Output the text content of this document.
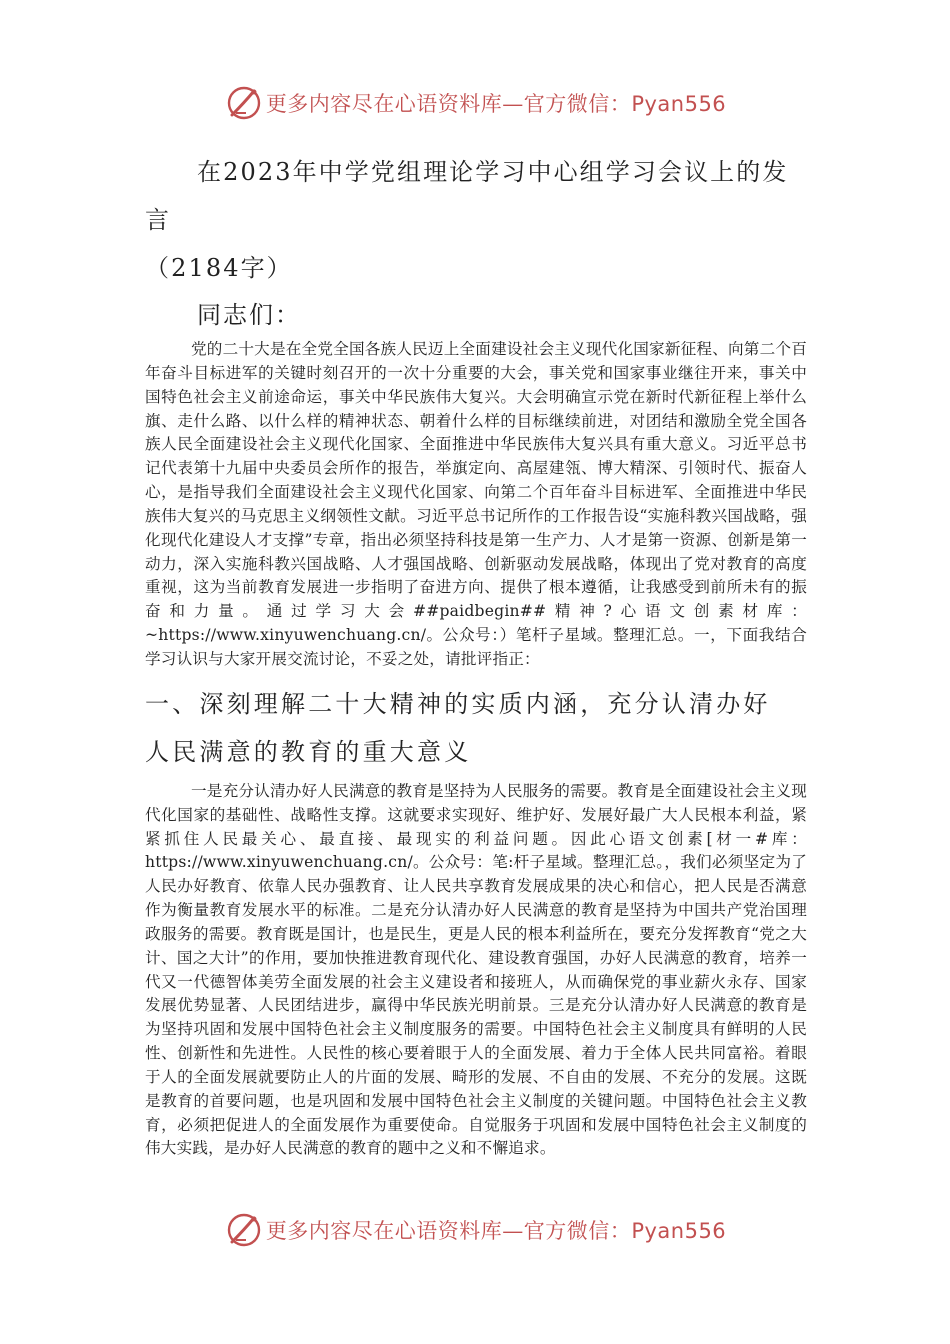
更多内容尽在心语资料库—官方微信：Pyan556
在2023年中学党组理论学习中心组学习会议上的发言
（2184字）

同志们：

党的二十大是在全党全国各族人民迈上全面建设社会主义现代化国家新征程、向第二个百年奋斗目标进军的关键时刻召开的一次十分重要的大会，事关党和国家事业继往开来，事关中国特色社会主义前途命运，事关中华民族伟大复兴。大会明确宣示党在新时代新征程上举什么旗、走什么路、以什么样的精神状态、朝着什么样的目标继续前进，对团结和激励全党全国各族人民全面建设社会主义现代化国家、全面推进中华民族伟大复兴具有重大意义。习近平总书记代表第十九届中央委员会所作的报告，举旗定向、高屋建瓴、博大精深、引领时代、振奋人心，是指导我们全面建设社会主义现代化国家、向第二个百年奋斗目标进军、全面推进中华民族伟大复兴的马克思主义纲领性文献。习近平总书记所作的工作报告设“实施科教兴国战略，强化现代化建设人才支撑”专章，指出必须坚持科技是第一生产力、人才是第一资源、创新是第一动力，深入实施科教兴国战略、人才强国战略、创新驱动发展战略，体现出了党对教育的高度重视，这为当前教育发展进一步指明了奋进方向、提供了根本遵循，让我感受到前所未有的振奋和力量。通过学习大会##paidbegin##精神?心语文创素材库：~https://www.xinyuwenchuang.cn/。公众号：）笔杆子星域。整理汇总。一，下面我结合学习认识与大家开展交流讨论，不妥之处，请批评指正：

一、深刻理解二十大精神的实质内涵，充分认清办好
人民满意的教育的重大意义

一是充分认清办好人民满意的教育是坚持为人民服务的需要。教育是全面建设社会主义现代化国家的基础性、战略性支撑。这就要求实现好、维护好、发展好最广大人民根本利益，紧紧抓住人民最关心、最直接、最现实的利益问题。因此心语文创素[材一#库：https://www.xinyuwenchuang.cn/。公众号：笔:杆子星域。整理汇总。，我们必须坚定为了人民办好教育、依靠人民办强教育、让人民共享教育发展成果的决心和信心，把人民是否满意作为衡量教育发展水平的标准。二是充分认清办好人民满意的教育是坚持为中国共产党治国理政服务的需要。教育既是国计，也是民生，更是人民的根本利益所在，要充分发挥教育“党之大计、国之大计”的作用，要加快推进教育现代化、建设教育强国，办好人民满意的教育，培养一代又一代德智体美劳全面发展的社会主义建设者和接班人，从而确保党的事业薪火永存、国家发展优势显著、人民团结进步，赢得中华民族光明前景。三是充分认清办好人民满意的教育是为坚持巩固和发展中国特色社会主义制度服务的需要。中国特色社会主义制度具有鲜明的人民性、创新性和先进性。人民性的核心要着眼于人的全面发展、着力于全体人民共同富裕。着眼于人的全面发展就要防止人的片面的发展、畸形的发展、不自由的发展、不充分的发展。这既是教育的首要问题，也是巩固和发展中国特色社会主义制度的关键问题。中国特色社会主义教育，必须把促进人的全面发展作为重要使命。自觉服务于巩固和发展中国特色社会主义制度的伟大实践，是办好人民满意的教育的题中之义和不懈追求。

更多内容尽在心语资料库—官方微信：Pyan556
